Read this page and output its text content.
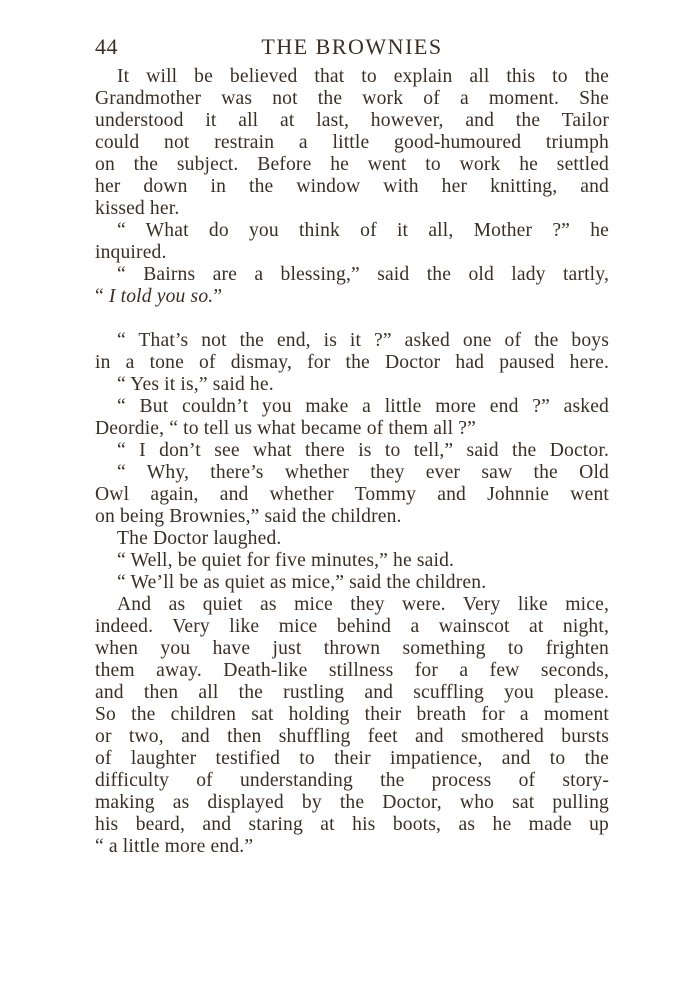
44	THE BROWNIES
It will be believed that to explain all this to the
Grandmother was not the work of a moment. She
understood it all at last, however, and the Tailor
could not restrain a little good-humoured triumph
on the subject. Before he went to work he settled
her down in the window with her knitting, and
kissed her.
“ What do you think of it all, Mother ?” he
inquired.
“ Bairns are a blessing,” said the old lady tartly,
“ I told you so.”
“ That’s not the end, is it ?” asked one of the boys
in a tone of dismay, for the Doctor had paused here.
“ Yes it is,” said he.
“ But couldn’t you make a little more end ?” asked
Deordie, “ to tell us what became of them all ?”
“ I don’t see what there is to tell,” said the Doctor.
“ Why, there’s whether they ever saw the Old
Owl again, and whether Tommy and Johnnie went
on being Brownies,” said the children.
The Doctor laughed.
“ Well, be quiet for five minutes,” he said.
“ We’ll be as quiet as mice,” said the children.
And as quiet as mice they were. Very like mice,
indeed. Very like mice behind a wainscot at night,
when you have just thrown something to frighten
them away. Death-like stillness for a few seconds,
and then all the rustling and scuffling you please.
So the children sat holding their breath for a moment
or two, and then shuffling feet and smothered bursts
of laughter testified to their impatience, and to the
difficulty of understanding the process of story-
making as displayed by the Doctor, who sat pulling
his beard, and staring at his boots, as he made up
“ a little more end.”
